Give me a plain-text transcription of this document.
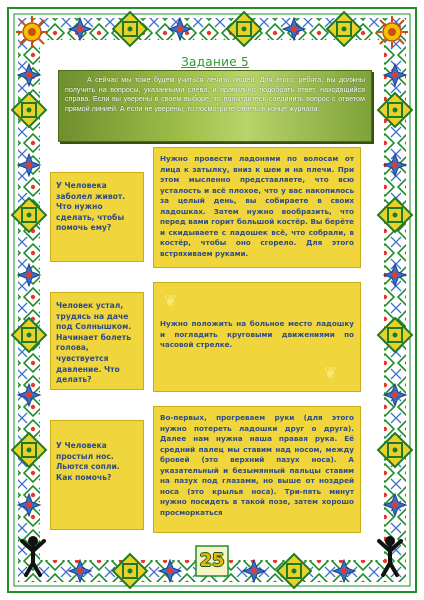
Задание 5
А сейчас мы тоже будем учиться лечить людей. Для этого, ребята, вы должны получить на вопросы, указанными слева, и правильно подобрать ответ, находящийся справа. Если вы уверены в своем выборе, то попытайтесь соединить вопрос с ответом прямой линией. А если не уверены, то посмотрите ответы в конце журнала.
У Человека заболел живот. Что нужно сделать, чтобы помочь ему?
Человек устал, трудясь на даче под Солнышком. Начинает болеть голова, чувствуется давление. Что делать?
У Человека простыл нос. Льются сопли. Как помочь?
Нужно провести ладонями по волосам от лица к затылку, вниз к шеи и на плечи. При этом мысленно представляете, что всю усталость и всё плохое, что у вас накопилось за целый день, вы собираете в своих ладошках. Затем нужно вообразить, что перед вами горит большой костёр. Вы берёте и скидываете с ладошек всё, что собрали, в костёр, чтобы оно сгорело. Для этого встряхиваем руками.
❦
❦
Нужно положить на больное место ладошку и погладить круговыми движениями по часовой стрелке.
Во-первых, прогреваем руки (для этого нужно потереть ладошки друг о друга). Далее нам нужна наша правая рука. Её средний палец мы ставим над носом, между бровей (это верхний пазух носа). А указательный и безымянный пальцы ставим на пазух под глазами, но выше от ноздрей носа (это крылья носа). Три-пять минут нужно посидеть в такой позе, затем хорошо просморкаться
25
